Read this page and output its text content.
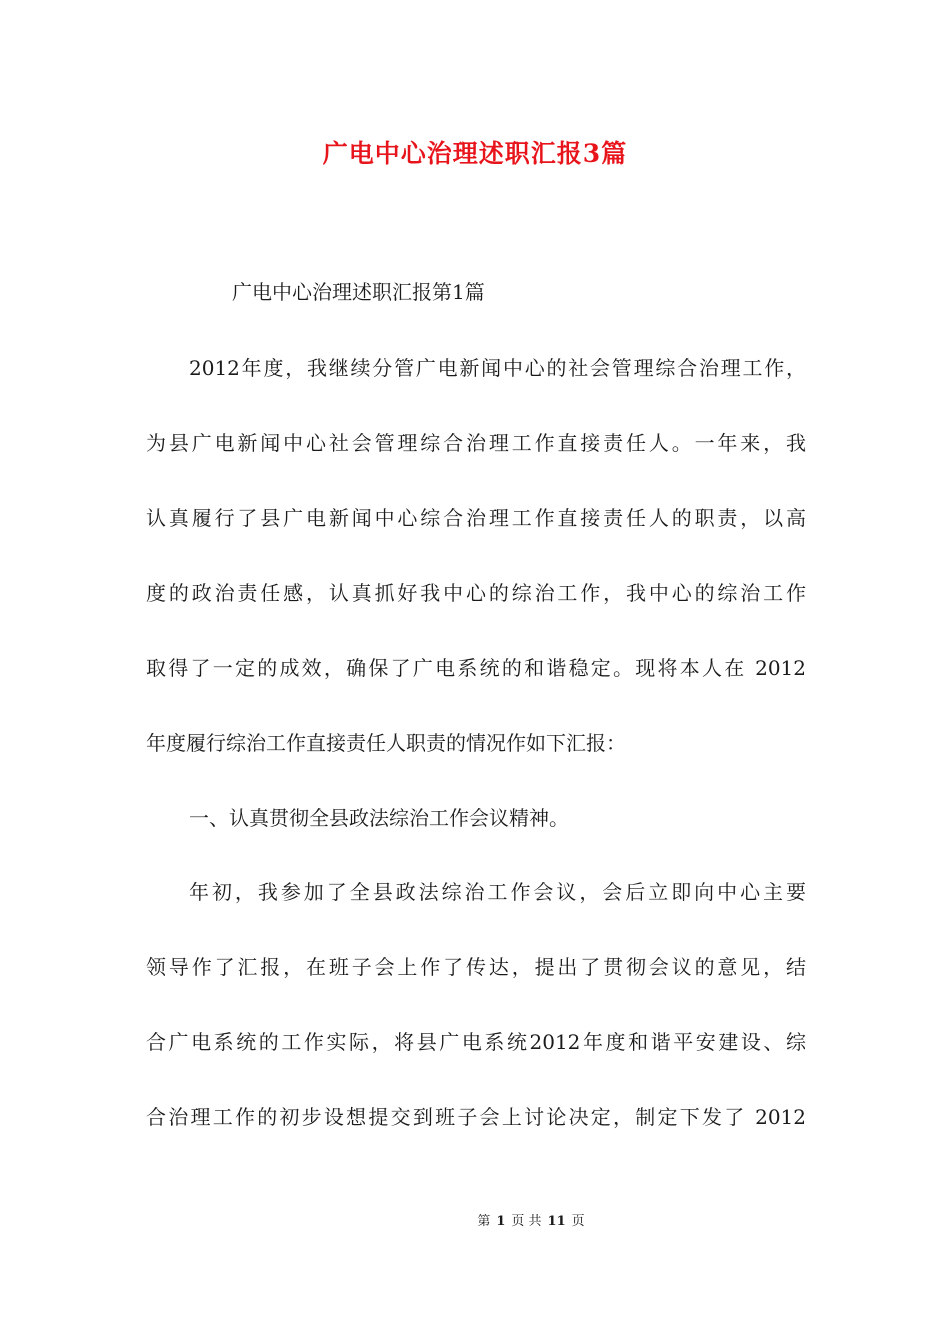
广电中心治理述职汇报3篇

广电中心治理述职汇报第1篇

2012年度，我继续分管广电新闻中心的社会管理综合治理工作，

为县广电新闻中心社会管理综合治理工作直接责任人。一年来，我

认真履行了县广电新闻中心综合治理工作直接责任人的职责，以高

度的政治责任感，认真抓好我中心的综治工作，我中心的综治工作

取得了一定的成效，确保了广电系统的和谐稳定。现将本人在 2012

年度履行综治工作直接责任人职责的情况作如下汇报：

一、认真贯彻全县政法综治工作会议精神。

年初，我参加了全县政法综治工作会议，会后立即向中心主要

领导作了汇报，在班子会上作了传达，提出了贯彻会议的意见，结

合广电系统的工作实际，将县广电系统2012年度和谐平安建设、综

合治理工作的初步设想提交到班子会上讨论决定，制定下发了 2012

第 1 页 共 11 页
